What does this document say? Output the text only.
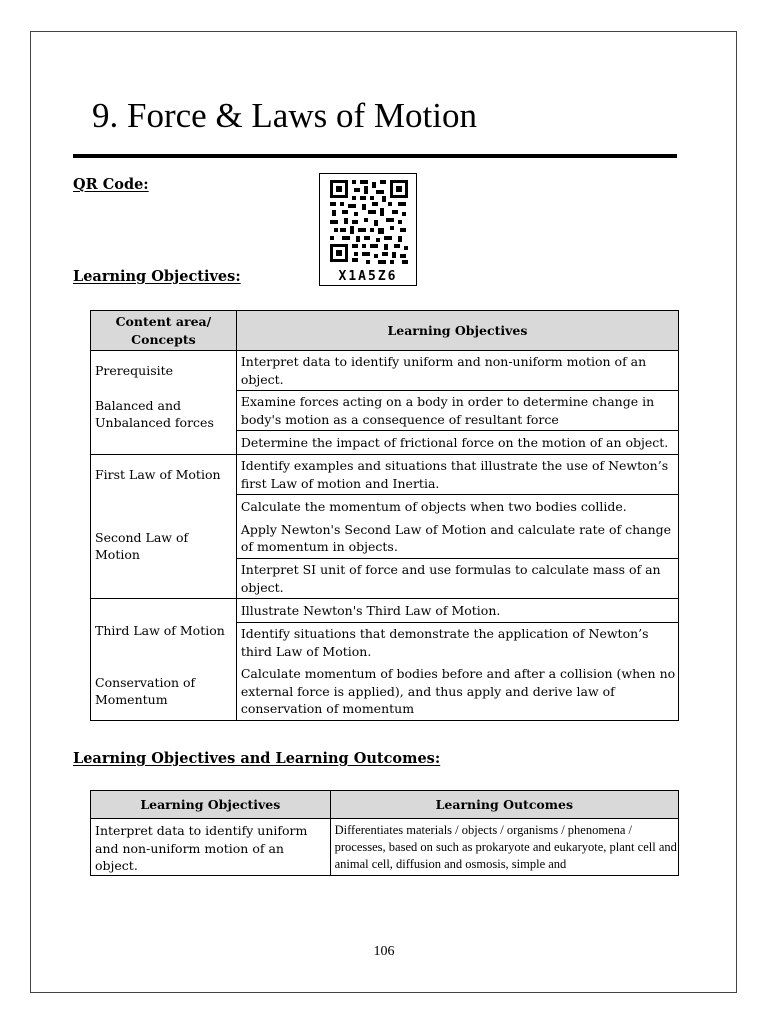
9. Force & Laws of Motion
QR Code:
X1A5Z6
Learning Objectives:
Content area/ Concepts	Learning Objectives
Prerequisite	Interpret data to identify uniform and non-uniform motion of an object.
Balanced and Unbalanced forces	Examine forces acting on a body in order to determine change in body's motion as a consequence of resultant force
	Determine the impact of frictional force on the motion of an object.
First Law of Motion	Identify examples and situations that illustrate the use of Newton’s first Law of motion and Inertia.
Second Law of Motion	Calculate the momentum of objects when two bodies collide.
	Apply Newton's Second Law of Motion and calculate rate of change of momentum in objects.
	Interpret SI unit of force and use formulas to calculate mass of an object.
Third Law of Motion	Illustrate Newton's Third Law of Motion.
	Identify situations that demonstrate the application of Newton’s third Law of Motion.
Conservation of Momentum	Calculate momentum of bodies before and after a collision (when no external force is applied), and thus apply and derive law of conservation of momentum
Learning Objectives and Learning Outcomes:
Learning Objectives	Learning Outcomes
Interpret data to identify uniform and non-uniform motion of an object.	Differentiates materials / objects / organisms / phenomena / processes, based on such as prokaryote and eukaryote, plant cell and animal cell, diffusion and osmosis, simple and
106
